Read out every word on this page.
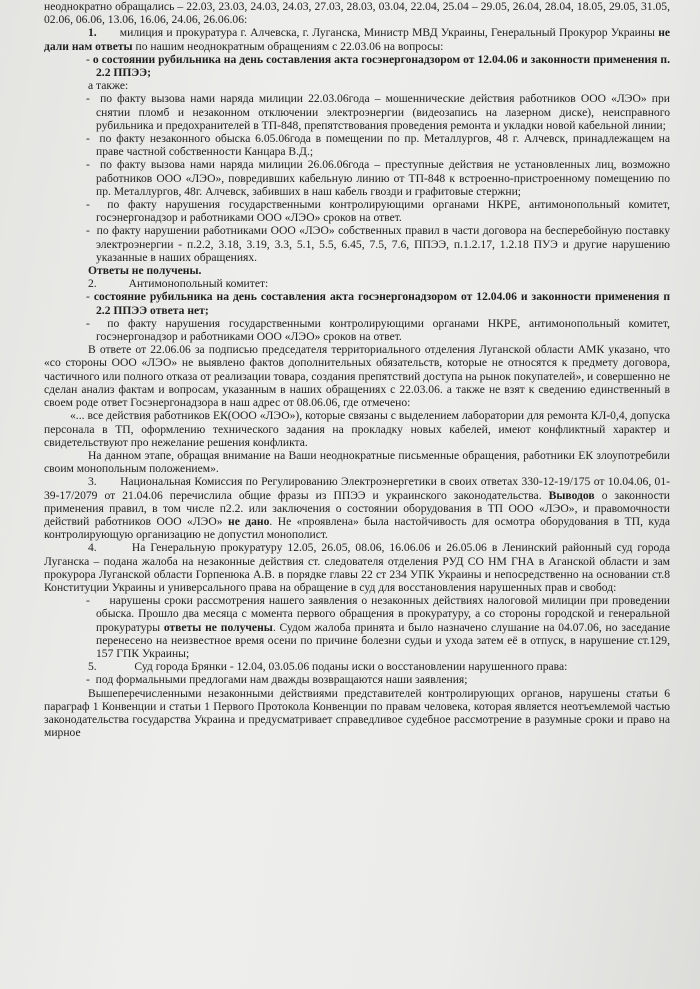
неоднократно обращались – 22.03, 23.03, 24.03, 24.03, 27.03, 28.03, 03.04, 22.04, 25.04 – 29.05, 26.04, 28.04, 18.05, 29.05, 31.05, 02.06, 06.06, 13.06, 16.06, 24.06, 26.06.06:

1. милиция и прокуратура г. Алчевска, г. Луганска, Министр МВД Украины, Генеральный Прокурор Украины не дали нам ответы по нашим неоднократным обращениям с 22.03.06 на вопросы:

- о состоянии рубильника на день составления акта госэнергонадзором от 12.04.06 и законности применения п. 2.2 ППЭЭ;

а также:

-  по факту вызова нами наряда милиции 22.03.06года – мошеннические действия работников ООО «ЛЭО» при снятии пломб и незаконном отключении электроэнергии (видеозапись на лазерном диске), неисправного рубильника и предохранителей в ТП-848, препятствования проведения ремонта и укладки новой кабельной линии;

-  по факту незаконного обыска 6.05.06года в помещении по пр. Металлургов, 48 г. Алчевск, принадлежащем на праве частной собственности Канцара В.Д.;

-  по факту вызова нами наряда милиции 26.06.06года – преступные действия не установленных лиц, возможно работников ООО «ЛЭО», повредивших кабельную линию от ТП-848 к встроенно-пристроенному помещению по пр. Металлургов, 48г. Алчевск, забивших в наш кабель гвозди и графитовые стержни;

-  по факту нарушения государственными контролирующими органами НКРЕ, антимонопольный комитет, госэнергонадзор и работниками ООО «ЛЭО» сроков на ответ.

-  по факту нарушении работниками ООО «ЛЭО» собственных правил в части договора на бесперебойную поставку электроэнергии - п.2.2, 3.18, 3.19, 3.3, 5.1, 5.5, 6.45, 7.5, 7.6, ППЭЭ, п.1.2.17, 1.2.18 ПУЭ и другие нарушению указанные в наших обращениях.

Ответы не получены.

2.	Антимонопольный комитет:

- состояние рубильника на день составления акта госэнергонадзором от 12.04.06 и законности применения п 2.2 ППЭЭ ответа нет;

-  по факту нарушения государственными контролирующими органами НКРЕ, антимонопольный комитет, госэнергонадзор и работниками ООО «ЛЭО» сроков на ответ.

В ответе от 22.06.06 за подписью председателя территориального отделения Луганской области АМК указано, что «со стороны ООО «ЛЭО» не выявлено фактов дополнительных обязательств, которые не относятся к предмету договора, частичного или полного отказа от реализации товара, создания препятствий доступа на рынок покупателей», и совершенно не сделан анализ фактам и вопросам, указанным в наших обращениях с 22.03.06. а также не взят к сведению единственный в своем роде ответ Госэнергонадзора в наш адрес от 08.06.06, где отмечено:

«... все действия работников ЕК(ООО «ЛЭО»), которые связаны с выделением лаборатории для ремонта КЛ-0,4, допуска персонала в ТП, оформлению технического задания на прокладку новых кабелей, имеют конфликтный характер и свидетельствуют про нежелание решения конфликта.

На данном этапе, обращая внимание на Ваши неоднократные письменные обращения, работники ЕК злоупотребили своим монопольным положением».

3. Национальная Комиссия по Регулированию Электроэнергетики в своих ответах 330-12-19/175 от 10.04.06, 01-39-17/2079 от 21.04.06 перечислила общие фразы из ППЭЭ и украинского законодательства. Выводов о законности применения правил, в том числе п2.2. или заключения о состоянии оборудования в ТП ООО «ЛЭО», и правомочности действий работников ООО «ЛЭО» не дано. Не «проявлена» была настойчивость для осмотра оборудования в ТП, куда контролирующую организацию не допустил монополист.

4.	На Генеральную прокуратуру 12.05, 26.05, 08.06, 16.06.06 и 26.05.06 в Ленинский районный суд города Луганска – подана жалоба на незаконные действия ст. следователя отделения РУД СО НМ ГНА в Аганской области и зам прокурора Луганской области Горпенюка А.В. в порядке главы 22 ст 234 УПК Украины и непосредственно на основании ст.8 Конституции Украины и универсального права на обращение в суд для восстановления нарушенных прав и свобод:

-     нарушены сроки рассмотрения нашего заявления о незаконных действиях налоговой милиции при проведении обыска. Прошло два месяца с момента первого обращения в прокуратуру, а со стороны городской и генеральной прокуратуры ответы не получены. Судом жалоба принята и было назначено слушание на 04.07.06, но заседание перенесено на неизвестное время осени по причине болезни судьи и ухода затем её в отпуск, в нарушение ст.129, 157 ГПК Украины;

5.	Суд города Брянки - 12.04, 03.05.06 поданы иски о восстановлении нарушенного права:

-  под формальными предлогами нам дважды возвращаются наши заявления;

Вышеперечисленными незаконными действиями представителей контролирующих органов, нарушены статьи 6 параграф 1 Конвенции и статьи 1 Первого Протокола Конвенции по правам человека, которая является неотъемлемой частью законодательства государства Украина и предусматривает справедливое судебное рассмотрение в разумные сроки и право на мирное
